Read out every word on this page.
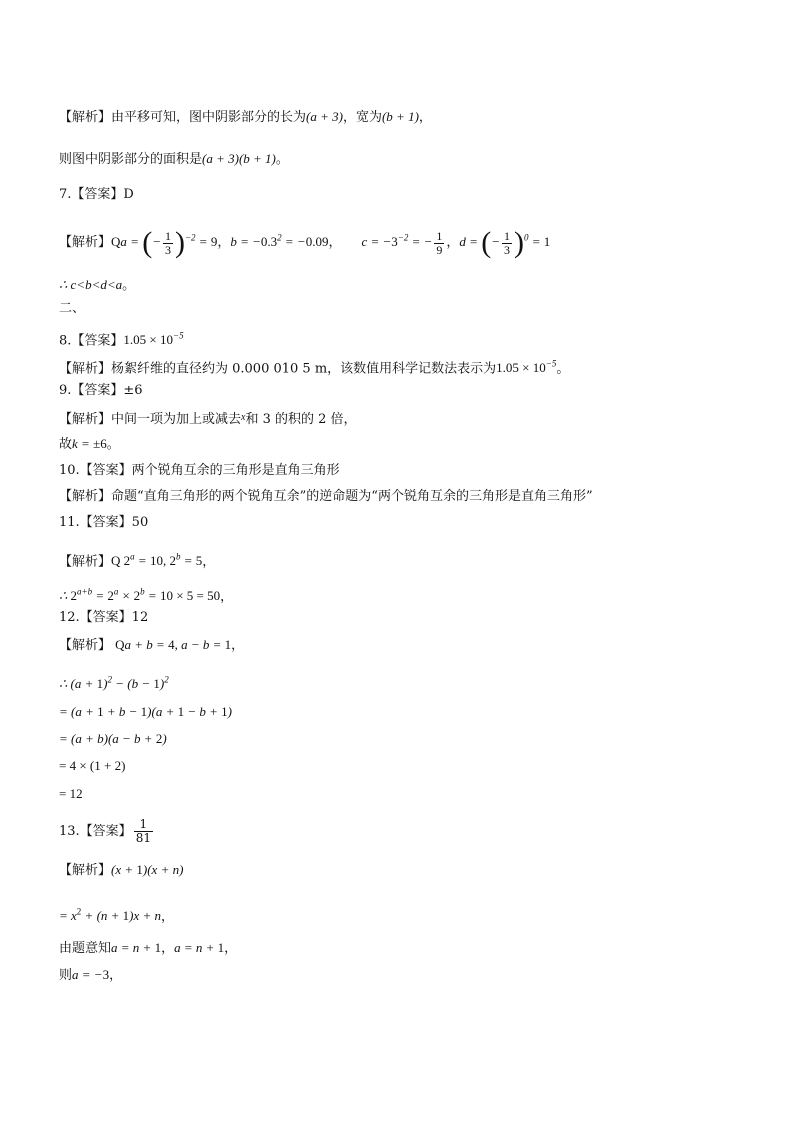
【解析】由平移可知，图中阴影部分的长为(a + 3)，宽为(b + 1)，
则图中阴影部分的面积是(a + 3)(b + 1)。
7.【答案】D
【解析】Qa = (− $\frac{1}{3} )^{-2} = 9$，$b = -0.3^2 = -0.09$， $c = -3^{-2}$ = − $\frac{1}{9}$ ，d = (− $\frac{1}{3} )^0 = 1$
∴ c<b<d<a。
二、
8.【答案】$1.05 \times 10^{-5}$
【解析】杨絮纤维的直径约为 0.000 010 5 m，该数值用科学记数法表示为$1.05 \times 10^{-5}$。
9.【答案】±6
【解析】中间一项为加上或减去$^x$和 3 的积的 2 倍，
故k = ±6。
10.【答案】两个锐角互余的三角形是直角三角形
【解析】命题“直角三角形的两个锐角互余”的逆命题为“两个锐角互余的三角形是直角三角形”
11.【答案】50
【解析】Q $2^a = 10$, $2^b = 5$，
∴ $2^{a+b} = 2^a \times 2^b = 10 \times 5 = 50$，
12.【答案】12
【解析】 Qa + b = 4, a − b = 1，
∴ $(a + 1)^2 - (b - 1)^2$
= (a + 1 + b − 1)(a + 1 − b + 1)
= (a + b)(a − b + 2)
= 4 × (1 + 2)
= 12
13.【答案】 $\frac{1}{81}$
【解析】(x + 1)(x + n)
= $x^2 + (n + 1)x + n$，
由题意知a = n + 1，a = n + 1，
则a = −3，
